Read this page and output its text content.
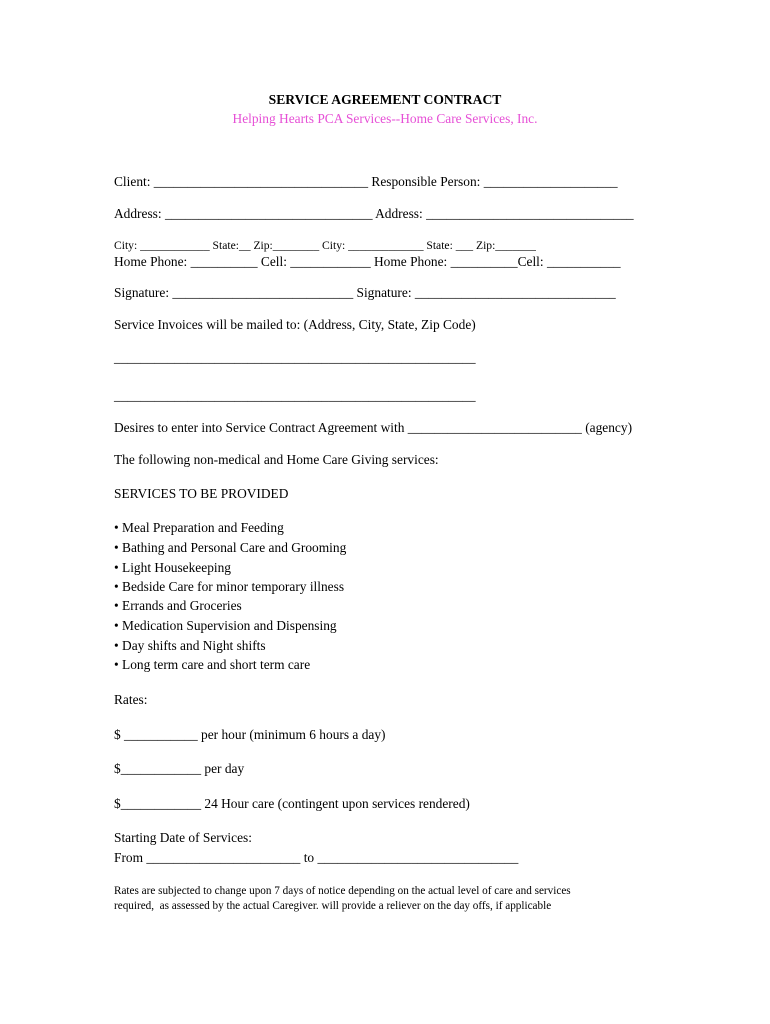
SERVICE AGREEMENT CONTRACT
Helping Hearts PCA Services--Home Care Services, Inc.
Client: ________________________________ Responsible Person: ____________________
Address: _______________________________ Address: _______________________________
City: ____________ State:__ Zip:________ City: _____________ State: ___ Zip:_______
Home Phone: __________ Cell: ____________ Home Phone: __________Cell: ___________
Signature: ___________________________ Signature: ______________________________
Service Invoices will be mailed to: (Address, City, State, Zip Code)
______________________________________________________
______________________________________________________
Desires to enter into Service Contract Agreement with __________________________ (agency)
The following non-medical and Home Care Giving services:
SERVICES TO BE PROVIDED
• Meal Preparation and Feeding
• Bathing and Personal Care and Grooming
• Light Housekeeping
• Bedside Care for minor temporary illness
• Errands and Groceries
• Medication Supervision and Dispensing
• Day shifts and Night shifts
• Long term care and short term care
Rates:
$ ___________ per hour (minimum 6 hours a day)
$____________ per day
$____________ 24 Hour care (contingent upon services rendered)
Starting Date of Services:
From _______________________ to ______________________________
Rates are subjected to change upon 7 days of notice depending on the actual level of care and services
required,  as assessed by the actual Caregiver. will provide a reliever on the day offs, if applicable
